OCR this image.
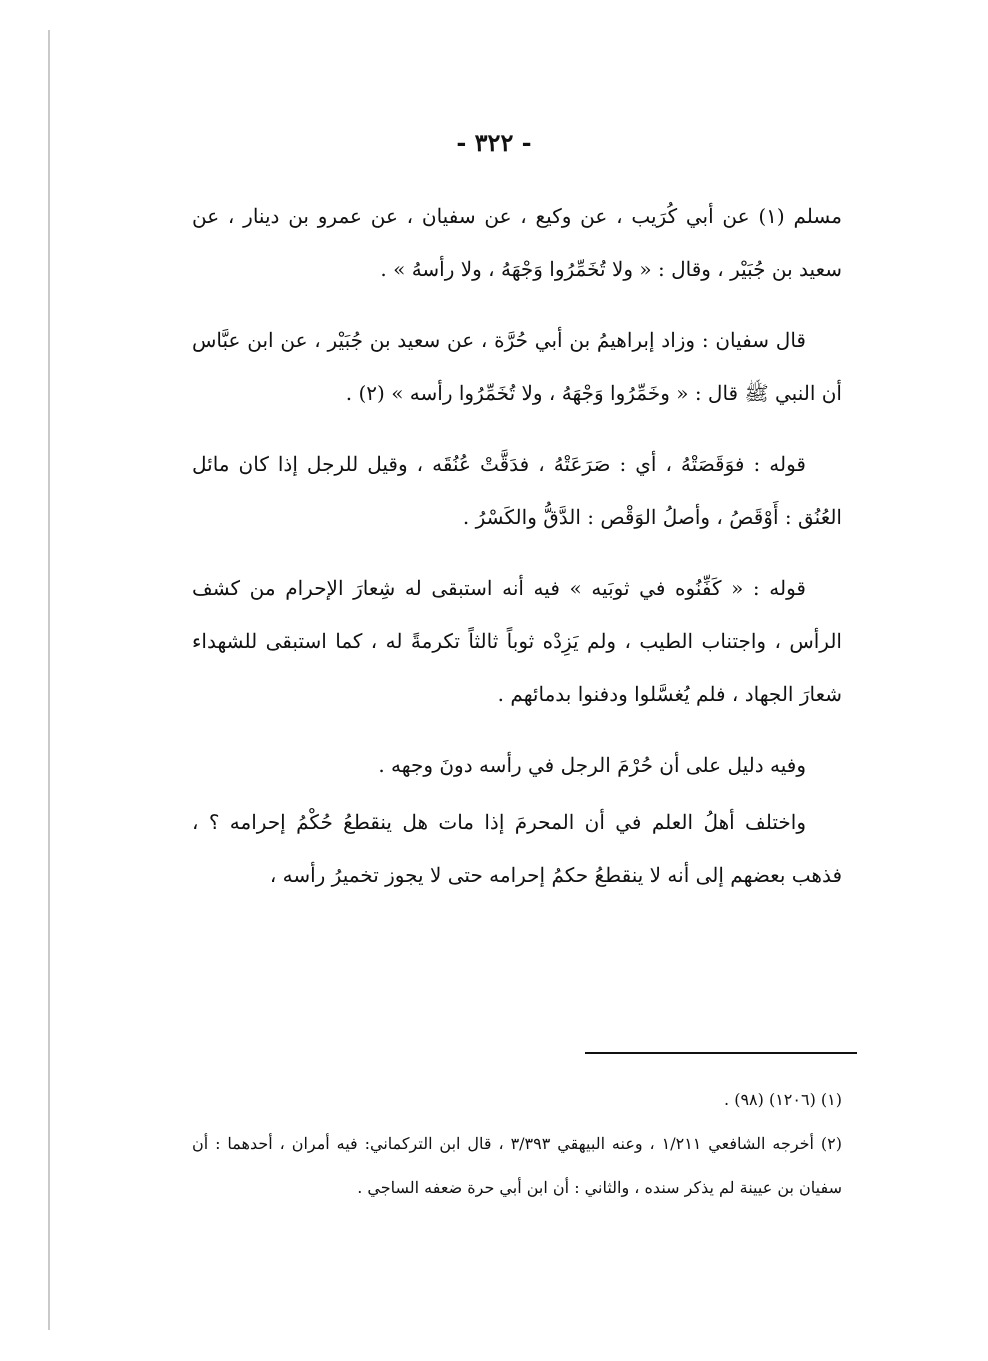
- ٣٢٢ -

مسلم (١) عن أبي كُرَيب ، عن وكيع ، عن سفيان ، عن عمرو بن دينار ، عن سعيد بن جُبَيْر ، وقال : « ولا تُخَمِّرُوا وَجْهَهُ ، ولا رأسهُ » .

قال سفيان : وزاد إبراهيمُ بن أبي حُرَّة ، عن سعيد بن جُبَيْر ، عن ابن عبَّاس أن النبي ﷺ قال : « وخَمِّرُوا وَجْهَهُ ، ولا تُخَمِّرُوا رأسه » (٢) .

قوله : فوَقَصَتْهُ ، أي : صَرَعَتْهُ ، فدَقَّتْ عُنُقَه ، وقيل للرجل إذا كان مائل العُنُق : أَوْقَصُ ، وأصلُ الوَقْص : الدَّقُّ والكَسْرُ .

قوله : « كَفِّنُوه في ثوبَيه » فيه أنه استبقى له شِعارَ الإحرام من كشف الرأس ، واجتناب الطيب ، ولم يَزِدْه ثوباً ثالثاً تكرمةً له ، كما استبقى للشهداء شعارَ الجهاد ، فلم يُغسَّلوا ودفنوا بدمائهم .

وفيه دليل على أن حُرْمَ الرجل في رأسه دونَ وجهه .

واختلف أهلُ العلم في أن المحرمَ إذا مات هل ينقطعُ حُكْمُ إحرامه ؟ ، فذهب بعضهم إلى أنه لا ينقطعُ حكمُ إحرامه حتى لا يجوز تخميرُ رأسه ،

(١) (١٢٠٦) (٩٨) .

(٢) أخرجه الشافعي ١/٢١١ ، وعنه البيهقي ٣/٣٩٣ ، قال ابن التركماني: فيه أمران ، أحدهما : أن سفيان بن عيينة لم يذكر سنده ، والثاني : أن ابن أبي حرة ضعفه الساجي .
